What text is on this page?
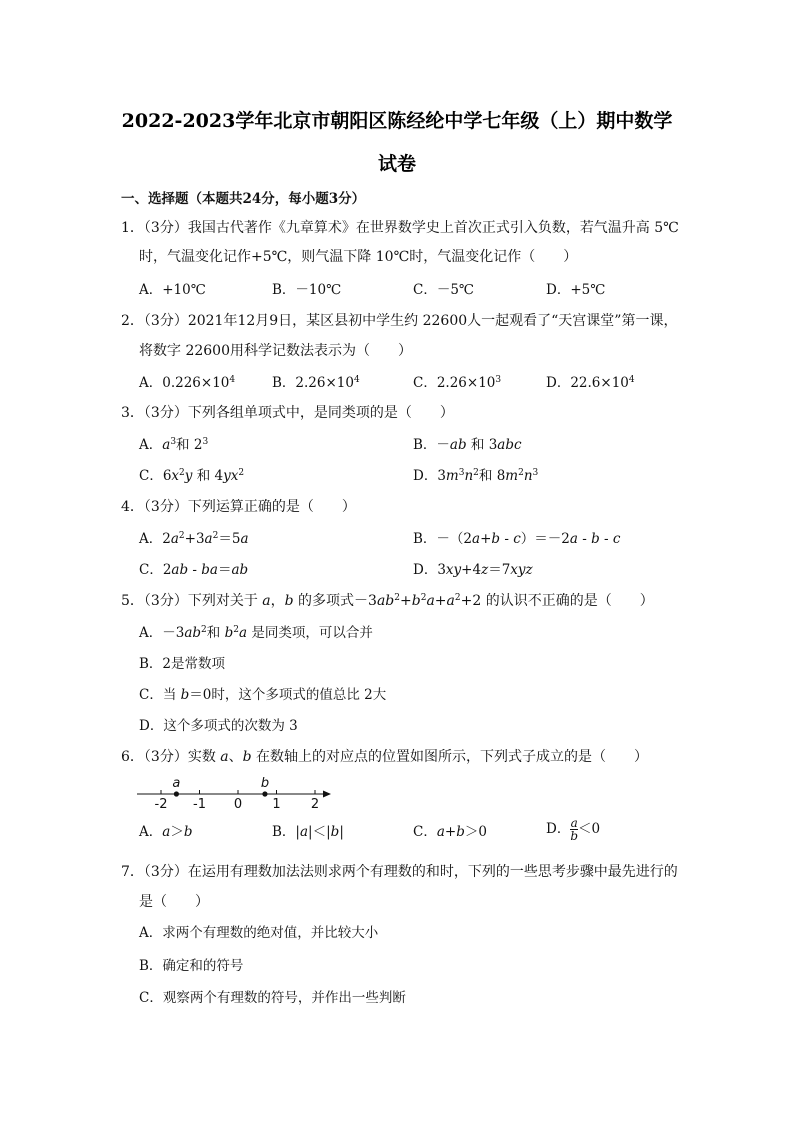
2022-2023学年北京市朝阳区陈经纶中学七年级（上）期中数学
试卷
一、选择题（本题共24分，每小题3分）
1．（3分）我国古代著作《九章算术》在世界数学史上首次正式引入负数，若气温升高 5℃
时，气温变化记作+5℃，则气温下降 10℃时，气温变化记作（　　）
A．+10℃	B．－10℃	C．－5℃	D．+5℃
2．（3分）2021年12月9日，某区县初中学生约 22600人一起观看了“天宫课堂”第一课，
将数字 22600用科学记数法表示为（　　）
A．$0.226\times 10^4$	B．$2.26\times 10^4$	C．$2.26\times 10^3$	D．$22.6\times 10^4$
3．（3分）下列各组单项式中，是同类项的是（　　）
A．$a^3$和 $2^3$	B．－ab 和 3abc
C．$6x^2y$ 和 $4yx^2$	D．$3m^3n^2$和 $8m^2n^3$
4．（3分）下列运算正确的是（　　）
A．$2a^2+3a^2=5a$	B．－（2a+b - c）＝－2a - b - c
C．2ab - ba＝ab	D．3xy+4z＝7xyz
5．（3分）下列对关于 a，b 的多项式$-3ab^2+b^2a+a^2+2$ 的认识不正确的是（　　）
A．$-3ab^2$和 $b^2a$ 是同类项，可以合并
B．2是常数项
C．当 b＝0时，这个多项式的值总比 2大
D．这个多项式的次数为 3
6．（3分）实数 a、b 在数轴上的对应点的位置如图所示，下列式子成立的是（　　）
-2 -1 0 1 2
a	b
A．a＞b	B．|a|＜|b|	C．a+b＞0	D． $\frac{a}{b} <0$
7．（3分）在运用有理数加法法则求两个有理数的和时，下列的一些思考步骤中最先进行的
是（　　）
A．求两个有理数的绝对值，并比较大小
B．确定和的符号
C．观察两个有理数的符号，并作出一些判断
